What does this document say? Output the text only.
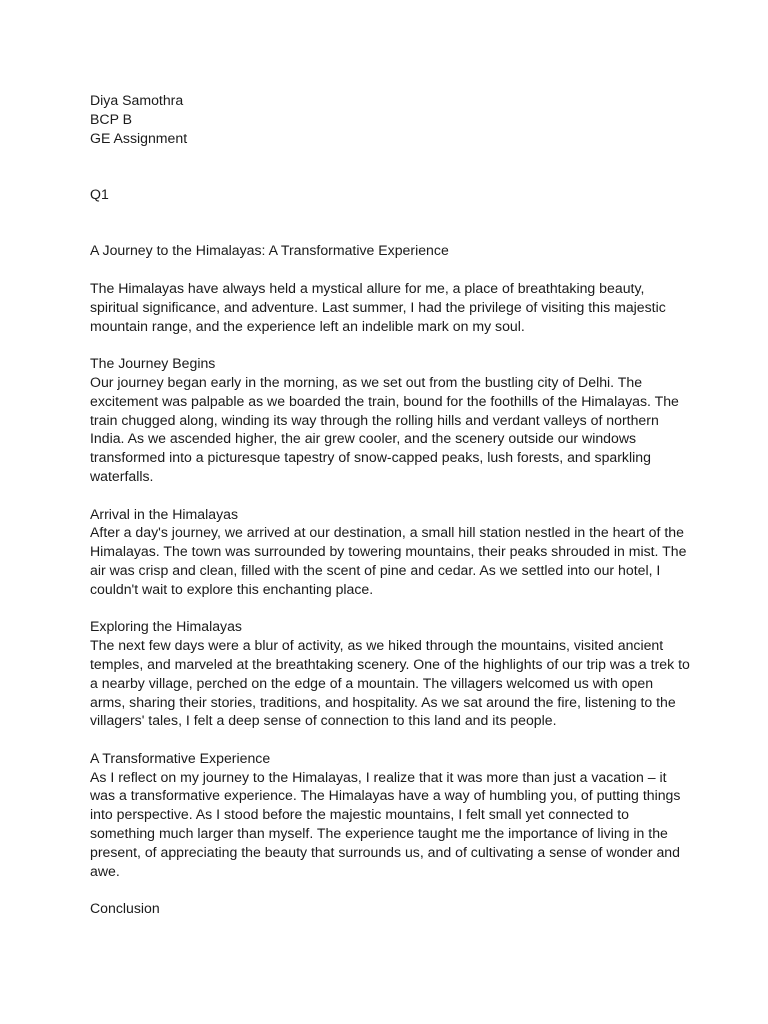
Diya Samothra
BCP B
GE Assignment
Q1
A Journey to the Himalayas: A Transformative Experience
The Himalayas have always held a mystical allure for me, a place of breathtaking beauty,
spiritual significance, and adventure. Last summer, I had the privilege of visiting this majestic
mountain range, and the experience left an indelible mark on my soul.
The Journey Begins
Our journey began early in the morning, as we set out from the bustling city of Delhi. The
excitement was palpable as we boarded the train, bound for the foothills of the Himalayas. The
train chugged along, winding its way through the rolling hills and verdant valleys of northern
India. As we ascended higher, the air grew cooler, and the scenery outside our windows
transformed into a picturesque tapestry of snow-capped peaks, lush forests, and sparkling
waterfalls.
Arrival in the Himalayas
After a day's journey, we arrived at our destination, a small hill station nestled in the heart of the
Himalayas. The town was surrounded by towering mountains, their peaks shrouded in mist. The
air was crisp and clean, filled with the scent of pine and cedar. As we settled into our hotel, I
couldn't wait to explore this enchanting place.
Exploring the Himalayas
The next few days were a blur of activity, as we hiked through the mountains, visited ancient
temples, and marveled at the breathtaking scenery. One of the highlights of our trip was a trek to
a nearby village, perched on the edge of a mountain. The villagers welcomed us with open
arms, sharing their stories, traditions, and hospitality. As we sat around the fire, listening to the
villagers' tales, I felt a deep sense of connection to this land and its people.
A Transformative Experience
As I reflect on my journey to the Himalayas, I realize that it was more than just a vacation – it
was a transformative experience. The Himalayas have a way of humbling you, of putting things
into perspective. As I stood before the majestic mountains, I felt small yet connected to
something much larger than myself. The experience taught me the importance of living in the
present, of appreciating the beauty that surrounds us, and of cultivating a sense of wonder and
awe.
Conclusion
